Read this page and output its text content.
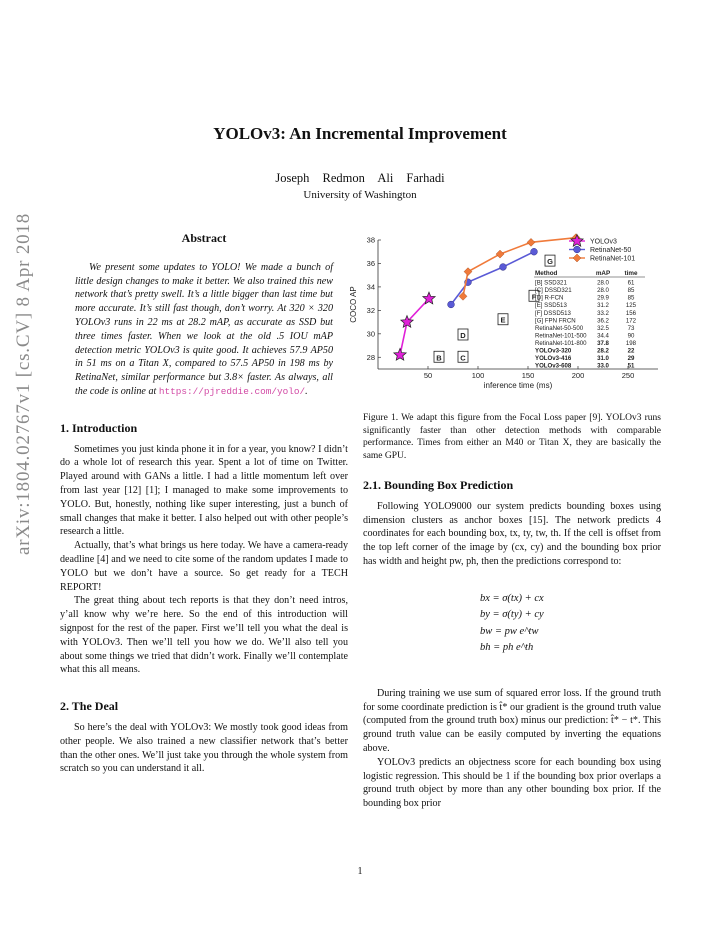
YOLOv3: An Incremental Improvement
Joseph Redmon Ali Farhadi
University of Washington
arXiv:1804.02767v1 [cs.CV] 8 Apr 2018	Abstract

We present some updates to YOLO! We made a bunch of little design changes to make it better. We also trained this new network that’s pretty swell. It’s a little bigger than last time but more accurate. It’s still fast though, don’t worry. At 320 × 320 YOLOv3 runs in 22 ms at 28.2 mAP, as accurate as SSD but three times faster. When we look at the old .5 IOU mAP detection metric YOLOv3 is quite good. It achieves 57.9 AP50 in 51 ms on a Titan X, compared to 57.5 AP50 in 198 ms by RetinaNet, similar performance but 3.8× faster. As always, all the code is online at https://pjreddie.com/yolo/.

1. Introduction

Sometimes you just kinda phone it in for a year, you know? I didn’t do a whole lot of research this year. Spent a lot of time on Twitter. Played around with GANs a little. I had a little momentum left over from last year [12] [1]; I managed to make some improvements to YOLO. But, honestly, nothing like super interesting, just a bunch of small changes that make it better. I also helped out with other people’s research a little.

Actually, that’s what brings us here today. We have a camera-ready deadline [4] and we need to cite some of the random updates I made to YOLO but we don’t have a source. So get ready for a TECH REPORT!

The great thing about tech reports is that they don’t need intros, y’all know why we’re here. So the end of this introduction will signpost for the rest of the paper. First we’ll tell you what the deal is with YOLOv3. Then we’ll tell you how we do. We’ll also tell you about some things we tried that didn’t work. Finally we’ll contemplate what this all means.

2. The Deal

So here’s the deal with YOLOv3: We mostly took good ideas from other people. We also trained a new classifier network that’s better than the other ones. We’ll just take you through the whole system from scratch so you can understand it all.

28
30
32
34
36
38
50	100	150	200	250
inference time (ms)
COCO AP
B C
D
E
F
G
YOLOv3
RetinaNet-50
RetinaNet-101
Method	mAP time
[B] SSD321	28.0	61
[C] DSSD321	28.0	85
[D] R-FCN	29.9	85
[E] SSD513	31.2	125
[F] DSSD513	33.2	156
[G] FPN FRCN	36.2	172
RetinaNet-50-500 32.5	73
RetinaNet-101-500 34.4	90
RetinaNet-101-800 37.8	198
YOLOv3-320	28.2	22
YOLOv3-416	31.0	29
YOLOv3-608	33.0	51
Figure 1. We adapt this figure from the Focal Loss paper [9]. YOLOv3 runs significantly faster than other detection methods with comparable performance. Times from either an M40 or Titan X, they are basically the same GPU.
2.1. Bounding Box Prediction

Following YOLO9000 our system predicts bounding boxes using dimension clusters as anchor boxes [15]. The network predicts 4 coordinates for each bounding box, tx, ty, tw, th. If the cell is offset from the top left corner of the image by (cx, cy) and the bounding box prior has width and height pw, ph, then the predictions correspond to:

bx = σ(tx) + cx
by = σ(ty) + cy
bw = pw e^tw
bh = ph e^th

During training we use sum of squared error loss. If the ground truth for some coordinate prediction is t̂* our gradient is the ground truth value (computed from the ground truth box) minus our prediction: t̂* − t*. This ground truth value can be easily computed by inverting the equations above.

YOLOv3 predicts an objectness score for each bounding box using logistic regression. This should be 1 if the bounding box prior overlaps a ground truth object by more than any other bounding box prior. If the bounding box prior

1
